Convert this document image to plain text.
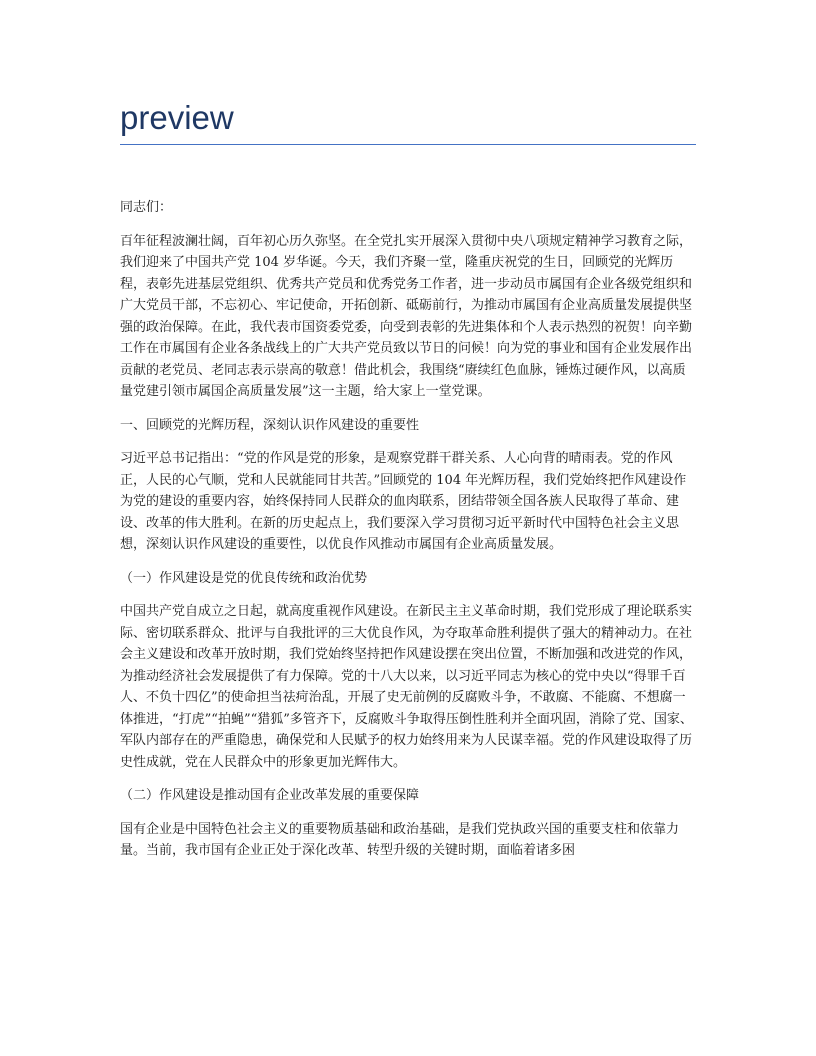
preview

同志们：

百年征程波澜壮阔，百年初心历久弥坚。在全党扎实开展深入贯彻中央八项规定精神学习教育之际，我们迎来了中国共产党 104 岁华诞。今天，我们齐聚一堂，隆重庆祝党的生日，回顾党的光辉历程，表彰先进基层党组织、优秀共产党员和优秀党务工作者，进一步动员市属国有企业各级党组织和广大党员干部，不忘初心、牢记使命，开拓创新、砥砺前行，为推动市属国有企业高质量发展提供坚强的政治保障。在此，我代表市国资委党委，向受到表彰的先进集体和个人表示热烈的祝贺！向辛勤工作在市属国有企业各条战线上的广大共产党员致以节日的问候！向为党的事业和国有企业发展作出贡献的老党员、老同志表示崇高的敬意！借此机会，我围绕“赓续红色血脉，锤炼过硬作风，以高质量党建引领市属国企高质量发展”这一主题，给大家上一堂党课。

一、回顾党的光辉历程，深刻认识作风建设的重要性

习近平总书记指出：“党的作风是党的形象，是观察党群干群关系、人心向背的晴雨表。党的作风正，人民的心气顺，党和人民就能同甘共苦。”回顾党的 104 年光辉历程，我们党始终把作风建设作为党的建设的重要内容，始终保持同人民群众的血肉联系，团结带领全国各族人民取得了革命、建设、改革的伟大胜利。在新的历史起点上，我们要深入学习贯彻习近平新时代中国特色社会主义思想，深刻认识作风建设的重要性，以优良作风推动市属国有企业高质量发展。

（一）作风建设是党的优良传统和政治优势

中国共产党自成立之日起，就高度重视作风建设。在新民主主义革命时期，我们党形成了理论联系实际、密切联系群众、批评与自我批评的三大优良作风，为夺取革命胜利提供了强大的精神动力。在社会主义建设和改革开放时期，我们党始终坚持把作风建设摆在突出位置，不断加强和改进党的作风，为推动经济社会发展提供了有力保障。党的十八大以来，以习近平同志为核心的党中央以“得罪千百人、不负十四亿”的使命担当祛疴治乱，开展了史无前例的反腐败斗争，不敢腐、不能腐、不想腐一体推进，“打虎”“拍蝇”“猎狐”多管齐下，反腐败斗争取得压倒性胜利并全面巩固，消除了党、国家、军队内部存在的严重隐患，确保党和人民赋予的权力始终用来为人民谋幸福。党的作风建设取得了历史性成就，党在人民群众中的形象更加光辉伟大。

（二）作风建设是推动国有企业改革发展的重要保障

国有企业是中国特色社会主义的重要物质基础和政治基础，是我们党执政兴国的重要支柱和依靠力量。当前，我市国有企业正处于深化改革、转型升级的关键时期，面临着诸多困
